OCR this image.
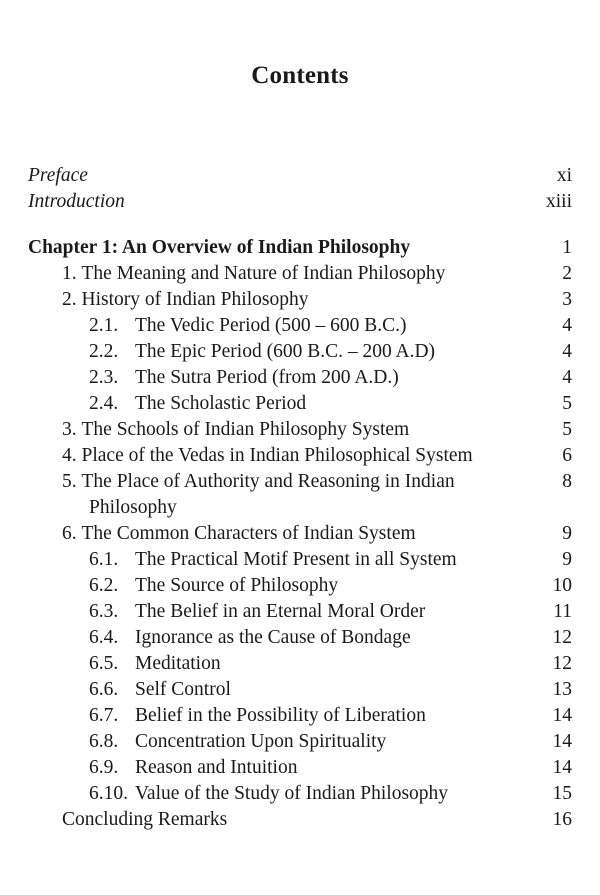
Contents
Preface	xi
Introduction	xiii
Chapter 1: An Overview of Indian Philosophy	1
1. The Meaning and Nature of Indian Philosophy	2
2. History of Indian Philosophy	3
2.1. The Vedic Period (500 – 600 B.C.)	4
2.2. The Epic Period (600 B.C. – 200 A.D)	4
2.3. The Sutra Period (from 200 A.D.)	4
2.4. The Scholastic Period	5
3. The Schools of Indian Philosophy System	5
4. Place of the Vedas in Indian Philosophical System	6
5. The Place of Authority and Reasoning in Indian	8
Philosophy
6. The Common Characters of Indian System	9
6.1. The Practical Motif Present in all System	9
6.2. The Source of Philosophy	10
6.3. The Belief in an Eternal Moral Order	11
6.4. Ignorance as the Cause of Bondage	12
6.5. Meditation	12
6.6. Self Control	13
6.7. Belief in the Possibility of Liberation	14
6.8. Concentration Upon Spirituality	14
6.9. Reason and Intuition	14
6.10. Value of the Study of Indian Philosophy	15
Concluding Remarks	16
